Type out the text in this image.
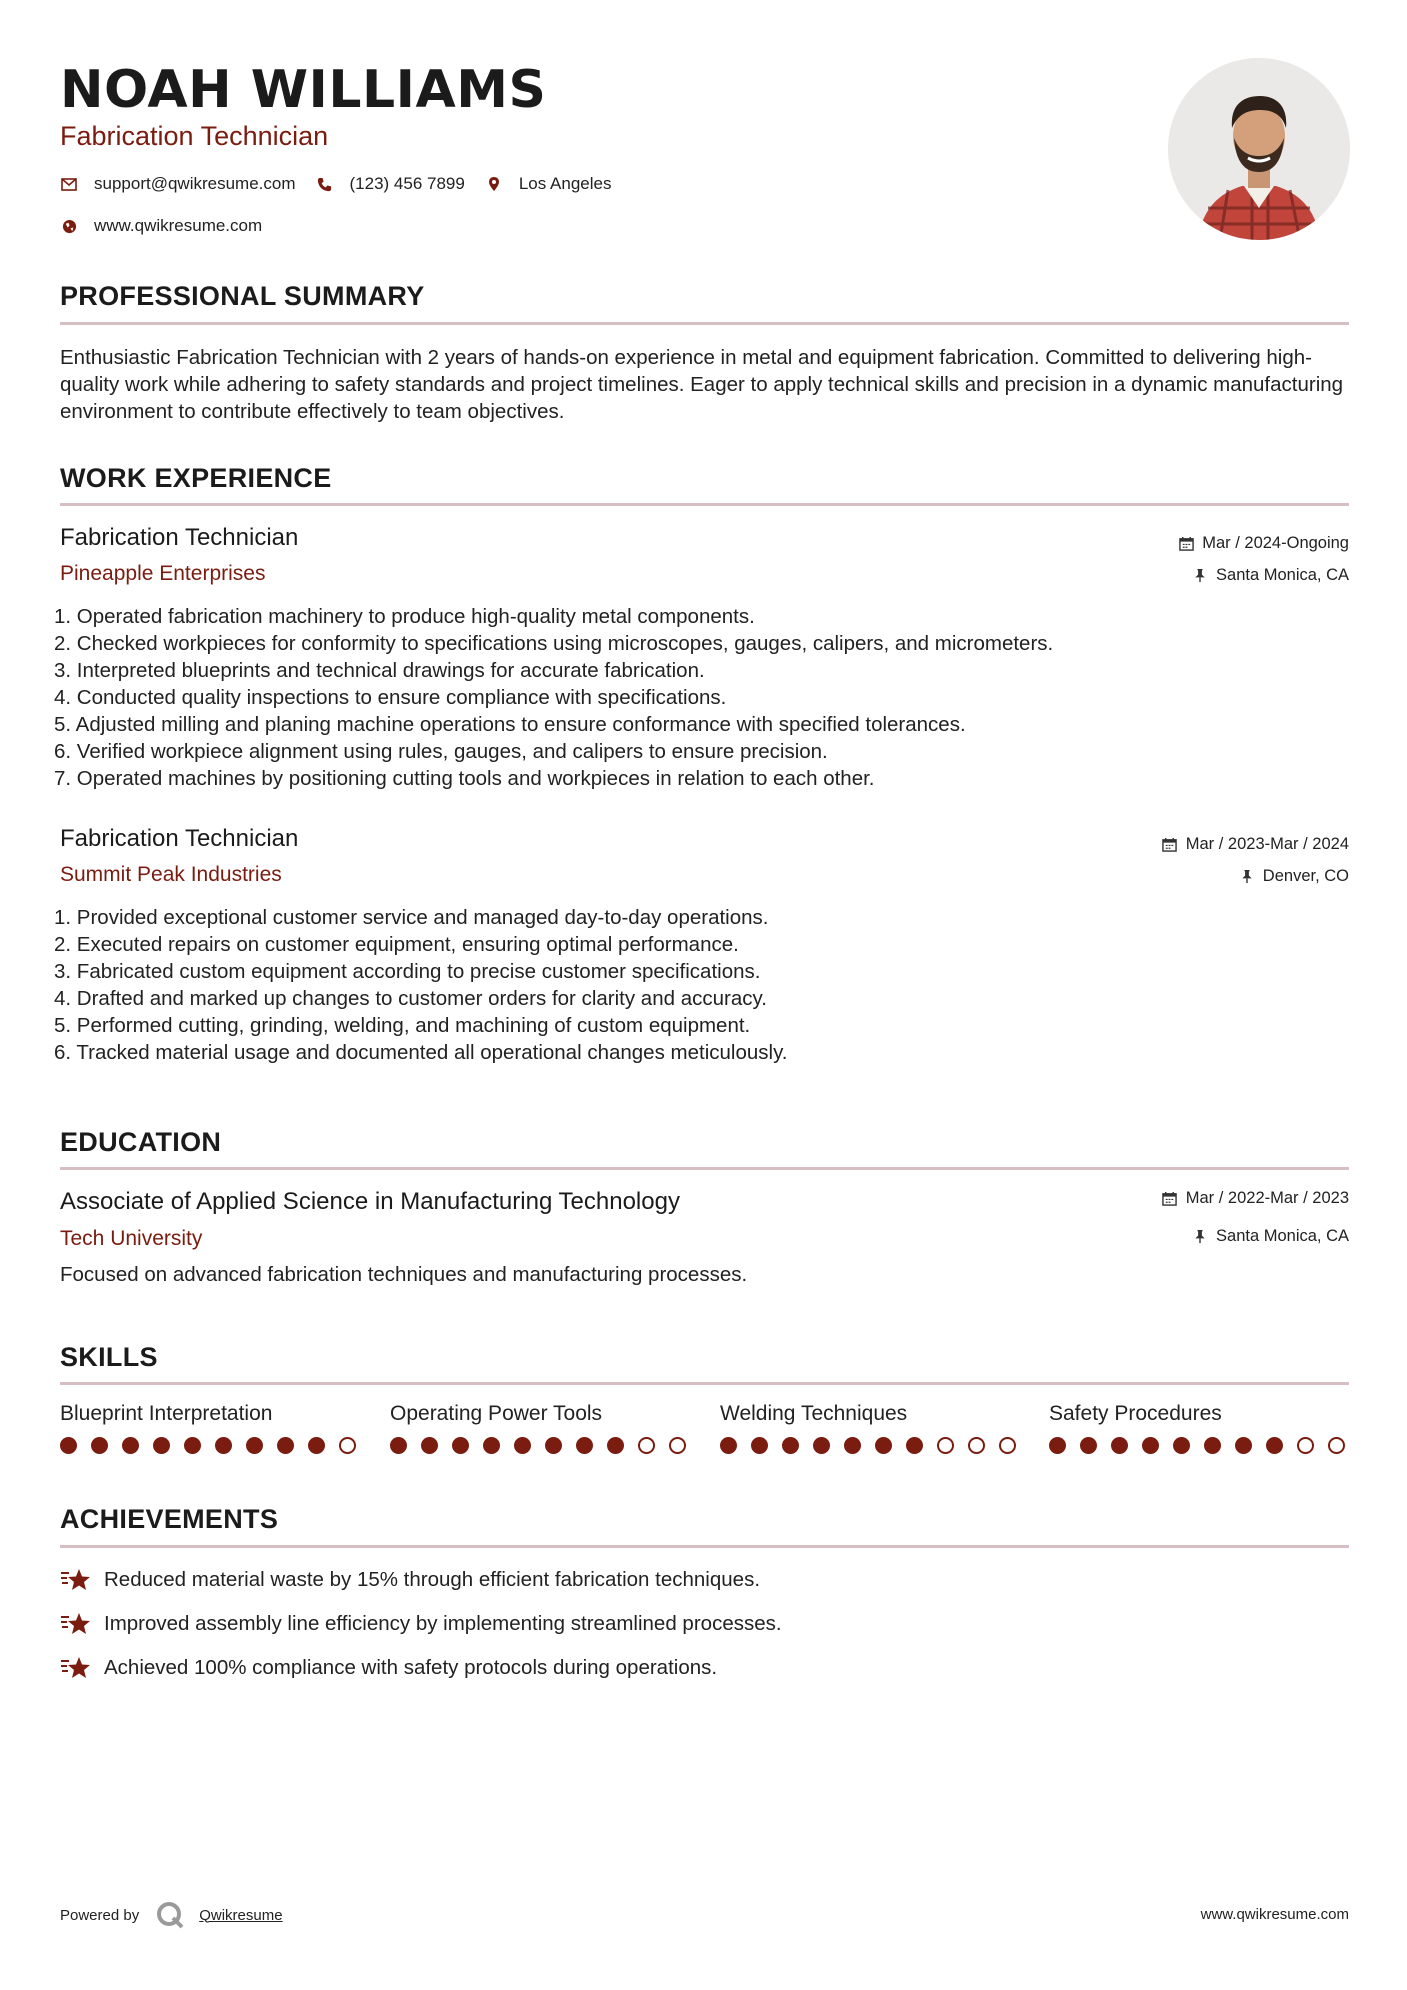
NOAH WILLIAMS
Fabrication Technician
support@qwikresume.com	(123) 456 7899	Los Angeles
www.qwikresume.com
PROFESSIONAL SUMMARY
Enthusiastic Fabrication Technician with 2 years of hands-on experience in metal and equipment fabrication. Committed to delivering high-quality work while adhering to safety standards and project timelines. Eager to apply technical skills and precision in a dynamic manufacturing environment to contribute effectively to team objectives.
WORK EXPERIENCE
Fabrication Technician
Pineapple Enterprises
Mar / 2024-Ongoing
Santa Monica, CA
1. Operated fabrication machinery to produce high-quality metal components.
2. Checked workpieces for conformity to specifications using microscopes, gauges, calipers, and micrometers.
3. Interpreted blueprints and technical drawings for accurate fabrication.
4. Conducted quality inspections to ensure compliance with specifications.
5. Adjusted milling and planing machine operations to ensure conformance with specified tolerances.
6. Verified workpiece alignment using rules, gauges, and calipers to ensure precision.
7. Operated machines by positioning cutting tools and workpieces in relation to each other.
Fabrication Technician
Summit Peak Industries
Mar / 2023-Mar / 2024
Denver, CO
1. Provided exceptional customer service and managed day-to-day operations.
2. Executed repairs on customer equipment, ensuring optimal performance.
3. Fabricated custom equipment according to precise customer specifications.
4. Drafted and marked up changes to customer orders for clarity and accuracy.
5. Performed cutting, grinding, welding, and machining of custom equipment.
6. Tracked material usage and documented all operational changes meticulously.
EDUCATION
Associate of Applied Science in Manufacturing Technology
Tech University
Mar / 2022-Mar / 2023
Santa Monica, CA
Focused on advanced fabrication techniques and manufacturing processes.
SKILLS
Blueprint Interpretation	Operating Power Tools	Welding Techniques	Safety Procedures
ACHIEVEMENTS
Reduced material waste by 15% through efficient fabrication techniques.
Improved assembly line efficiency by implementing streamlined processes.
Achieved 100% compliance with safety protocols during operations.
Powered by	Qwikresume	www.qwikresume.com
